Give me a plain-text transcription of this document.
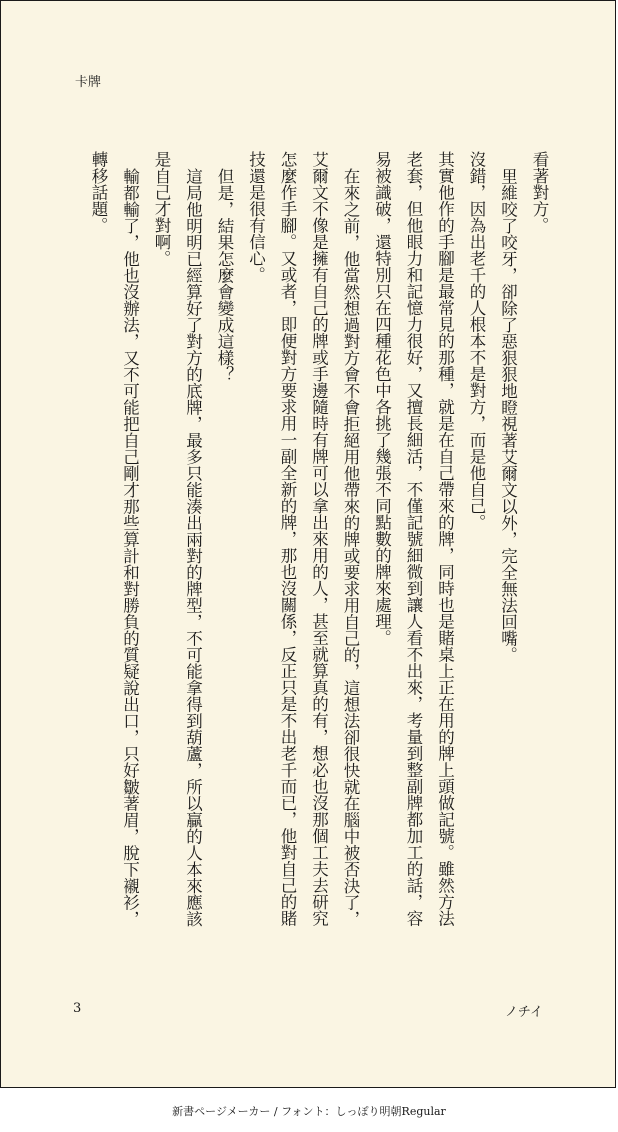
卡牌

看著對方。

里維咬了咬牙，卻除了惡狠狠地瞪視著艾爾文以外，完全無法回嘴。

沒錯，因為出老千的人根本不是對方，而是他自己。

其實他作的手腳是最常見的那種，就是在自己帶來的牌，同時也是賭桌上正在用的牌上頭做記號。雖然方法老套，但他眼力和記憶力很好，又擅長細活，不僅記號細微到讓人看不出來，考量到整副牌都加工的話，容易被識破，還特別只在四種花色中各挑了幾張不同點數的牌來處理。

在來之前，他當然想過對方會不會拒絕用他帶來的牌或要求用自己的，這想法卻很快就在腦中被否決了，艾爾文不像是擁有自己的牌或手邊隨時有牌可以拿出來用的人，甚至就算真的有，想必也沒那個工夫去研究怎麼作手腳。又或者，即便對方要求用一副全新的牌，那也沒關係，反正只是不出老千而已，他對自己的賭技還是很有信心。

但是，結果怎麼會變成這樣？

這局他明明已經算好了對方的底牌，最多只能湊出兩對的牌型，不可能拿得到葫蘆，所以贏的人本來應該是自己才對啊。

輸都輸了，他也沒辦法，又不可能把自己剛才那些算計和對勝負的質疑說出口，只好皺著眉，脫下襯衫，轉移話題。

3	ノチイ
新書ページメーカー / フォント：しっぽり明朝Regular
